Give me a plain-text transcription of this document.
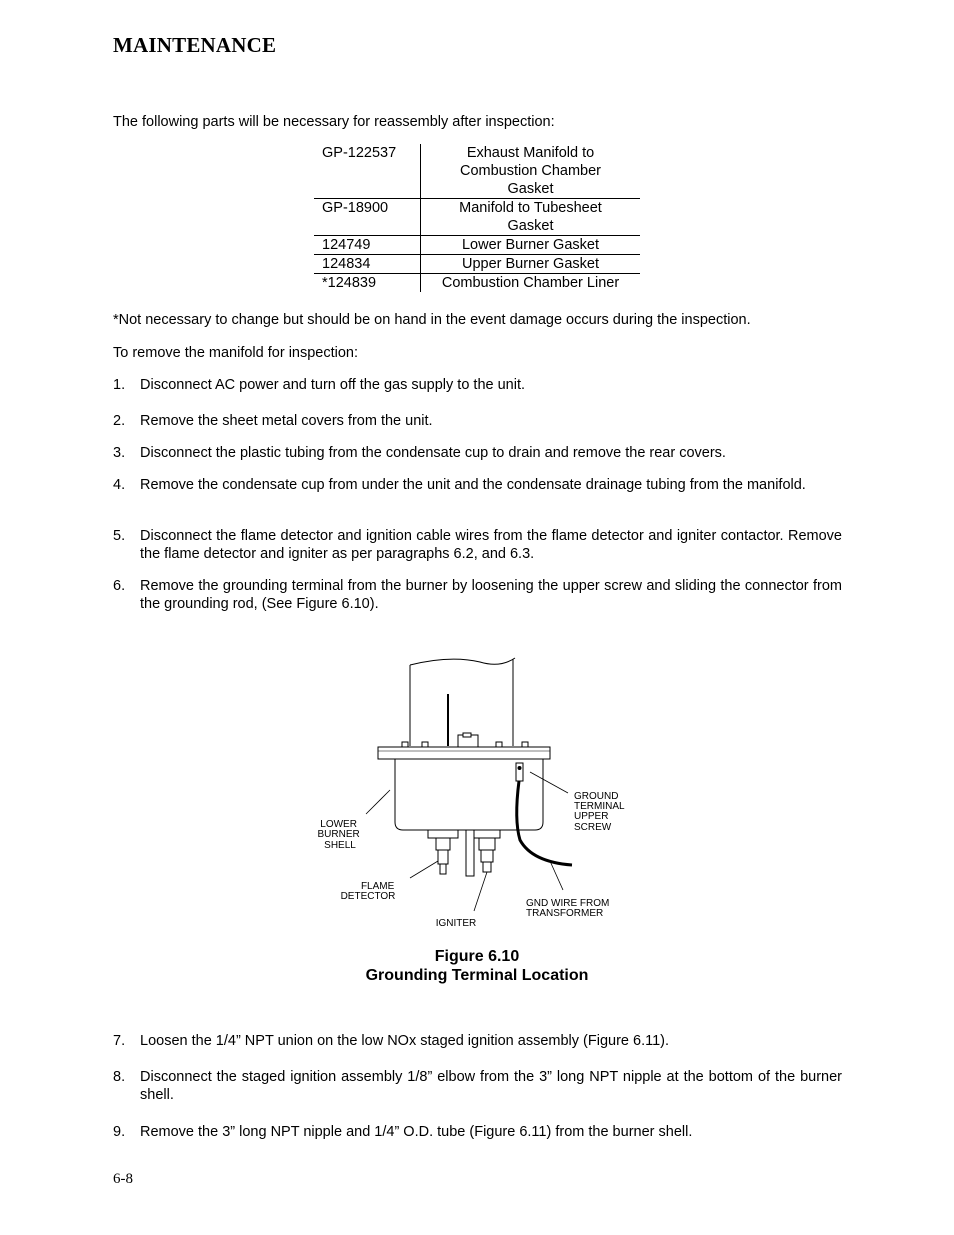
MAINTENANCE
The following parts will be necessary for reassembly after inspection:
GP-122537	Exhaust Manifold to
Combustion Chamber
Gasket

GP-18900	Manifold to Tubesheet
Gasket

124749	Lower Burner Gasket

124834	Upper Burner Gasket

*124839	Combustion Chamber Liner
*Not necessary to change but should be on hand in the event damage occurs during the inspection.
To remove the manifold for inspection:
1. Disconnect AC power and turn off the gas supply to the unit.
2. Remove the sheet metal covers from the unit.
3. Disconnect the plastic tubing from the condensate cup to drain and remove the rear covers.
4. Remove the condensate cup from under the unit and the condensate drainage tubing from the manifold.
5. Disconnect the flame detector and ignition cable wires from the flame detector and igniter contactor. Remove the flame detector and igniter as per paragraphs 6.2, and 6.3.
6. Remove the grounding terminal from the burner by loosening the upper screw and sliding the connector from the grounding rod, (See Figure 6.10).
7. Loosen the 1/4” NPT union on the low NOx staged ignition assembly (Figure 6.11).
8. Disconnect the staged ignition assembly 1/8” elbow from the 3” long NPT nipple at the bottom of the burner shell.
9. Remove the 3” long NPT nipple and 1/4” O.D. tube (Figure 6.11) from the burner shell.
LOWER BURNER SHELL
GROUND TERMINAL UPPER SCREW
FLAME DETECTOR
IGNITER
GND WIRE FROM TRANSFORMER
Figure 6.10
Grounding Terminal Location
6-8
